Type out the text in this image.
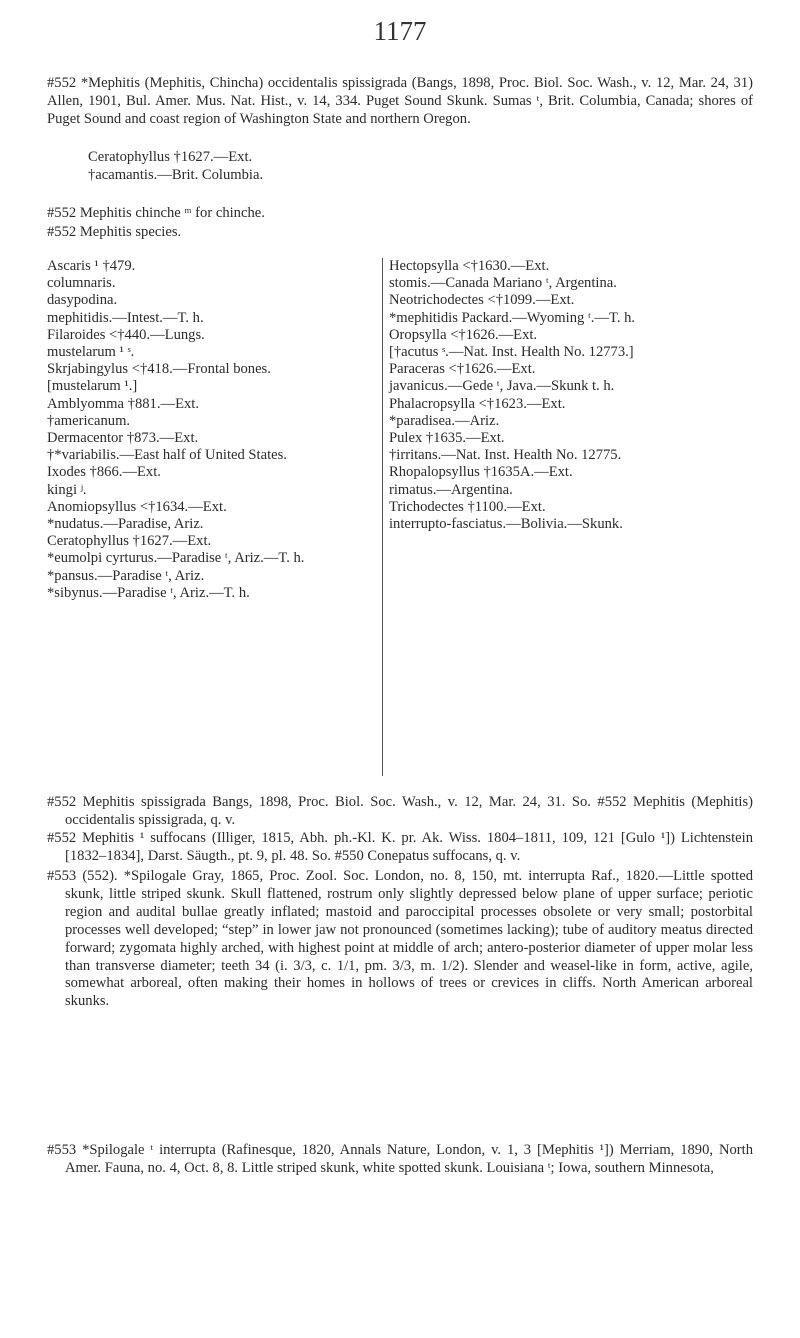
1177
#552 *Mephitis (Mephitis, Chincha) occidentalis spissigrada (Bangs, 1898, Proc. Biol. Soc. Wash., v. 12, Mar. 24, 31) Allen, 1901, Bul. Amer. Mus. Nat. Hist., v. 14, 334. Puget Sound Skunk. Sumas ᵗ, Brit. Columbia, Canada; shores of Puget Sound and coast region of Washington State and northern Oregon.
Ceratophyllus †1627.—Ext.
†acamantis.—Brit. Columbia.
#552 Mephitis chinche ᵐ for chinche.
#552 Mephitis species.

Ascaris ¹ †479.

columnaris.

dasypodina.

mephitidis.—Intest.—T. h.

Filaroides <†440.—Lungs.

mustelarum ¹ ˢ.

Skrjabingylus <†418.—Frontal bones.

[mustelarum ¹.]

Amblyomma †881.—Ext.

†americanum.

Dermacentor †873.—Ext.

†*variabilis.—East half of United States.

Ixodes †866.—Ext.

kingi ʲ.

Anomiopsyllus <†1634.—Ext.

*nudatus.—Paradise, Ariz.

Ceratophyllus †1627.—Ext.

*eumolpi cyrturus.—Paradise ᵗ, Ariz.—T. h.

*pansus.—Paradise ᵗ, Ariz.

*sibynus.—Paradise ᵗ, Ariz.—T. h.

Hectopsylla <†1630.—Ext.

stomis.—Canada Mariano ᵗ, Argentina.

Neotrichodectes <†1099.—Ext.

*mephitidis Packard.—Wyoming ᵗ.—T. h.

Oropsylla <†1626.—Ext.

[†acutus ˢ.—Nat. Inst. Health No. 12773.]

Paraceras <†1626.—Ext.

javanicus.—Gede ᵗ, Java.—Skunk t. h.

Phalacropsylla <†1623.—Ext.

*paradisea.—Ariz.

Pulex †1635.—Ext.

†irritans.—Nat. Inst. Health No. 12775.

Rhopalopsyllus †1635A.—Ext.

rimatus.—Argentina.

Trichodectes †1100.—Ext.

interrupto-fasciatus.—Bolivia.—Skunk.

#552 Mephitis spissigrada Bangs, 1898, Proc. Biol. Soc. Wash., v. 12, Mar. 24, 31. So. #552 Mephitis (Mephitis) occidentalis spissigrada, q. v.

#552 Mephitis ¹ suffocans (Illiger, 1815, Abh. ph.-Kl. K. pr. Ak. Wiss. 1804–1811, 109, 121 [Gulo ¹]) Lichtenstein [1832–1834], Darst. Säugth., pt. 9, pl. 48. So. #550 Conepatus suffocans, q. v.

#553 (552). *Spilogale Gray, 1865, Proc. Zool. Soc. London, no. 8, 150, mt. interrupta Raf., 1820.—Little spotted skunk, little striped skunk. Skull flattened, rostrum only slightly depressed below plane of upper surface; periotic region and audital bullae greatly inflated; mastoid and paroccipital processes obsolete or very small; postorbital processes well developed; “step” in lower jaw not pronounced (sometimes lacking); tube of auditory meatus directed forward; zygomata highly arched, with highest point at middle of arch; antero-posterior diameter of upper molar less than transverse diameter; teeth 34 (i. 3/3, c. 1/1, pm. 3/3, m. 1/2). Slender and weasel-like in form, active, agile, somewhat arboreal, often making their homes in hollows of trees or crevices in cliffs. North American arboreal skunks.

#553 *Spilogale ᵗ interrupta (Rafinesque, 1820, Annals Nature, London, v. 1, 3 [Mephitis ¹]) Merriam, 1890, North Amer. Fauna, no. 4, Oct. 8, 8. Little striped skunk, white spotted skunk. Louisiana ᵗ; Iowa, southern Minnesota,
